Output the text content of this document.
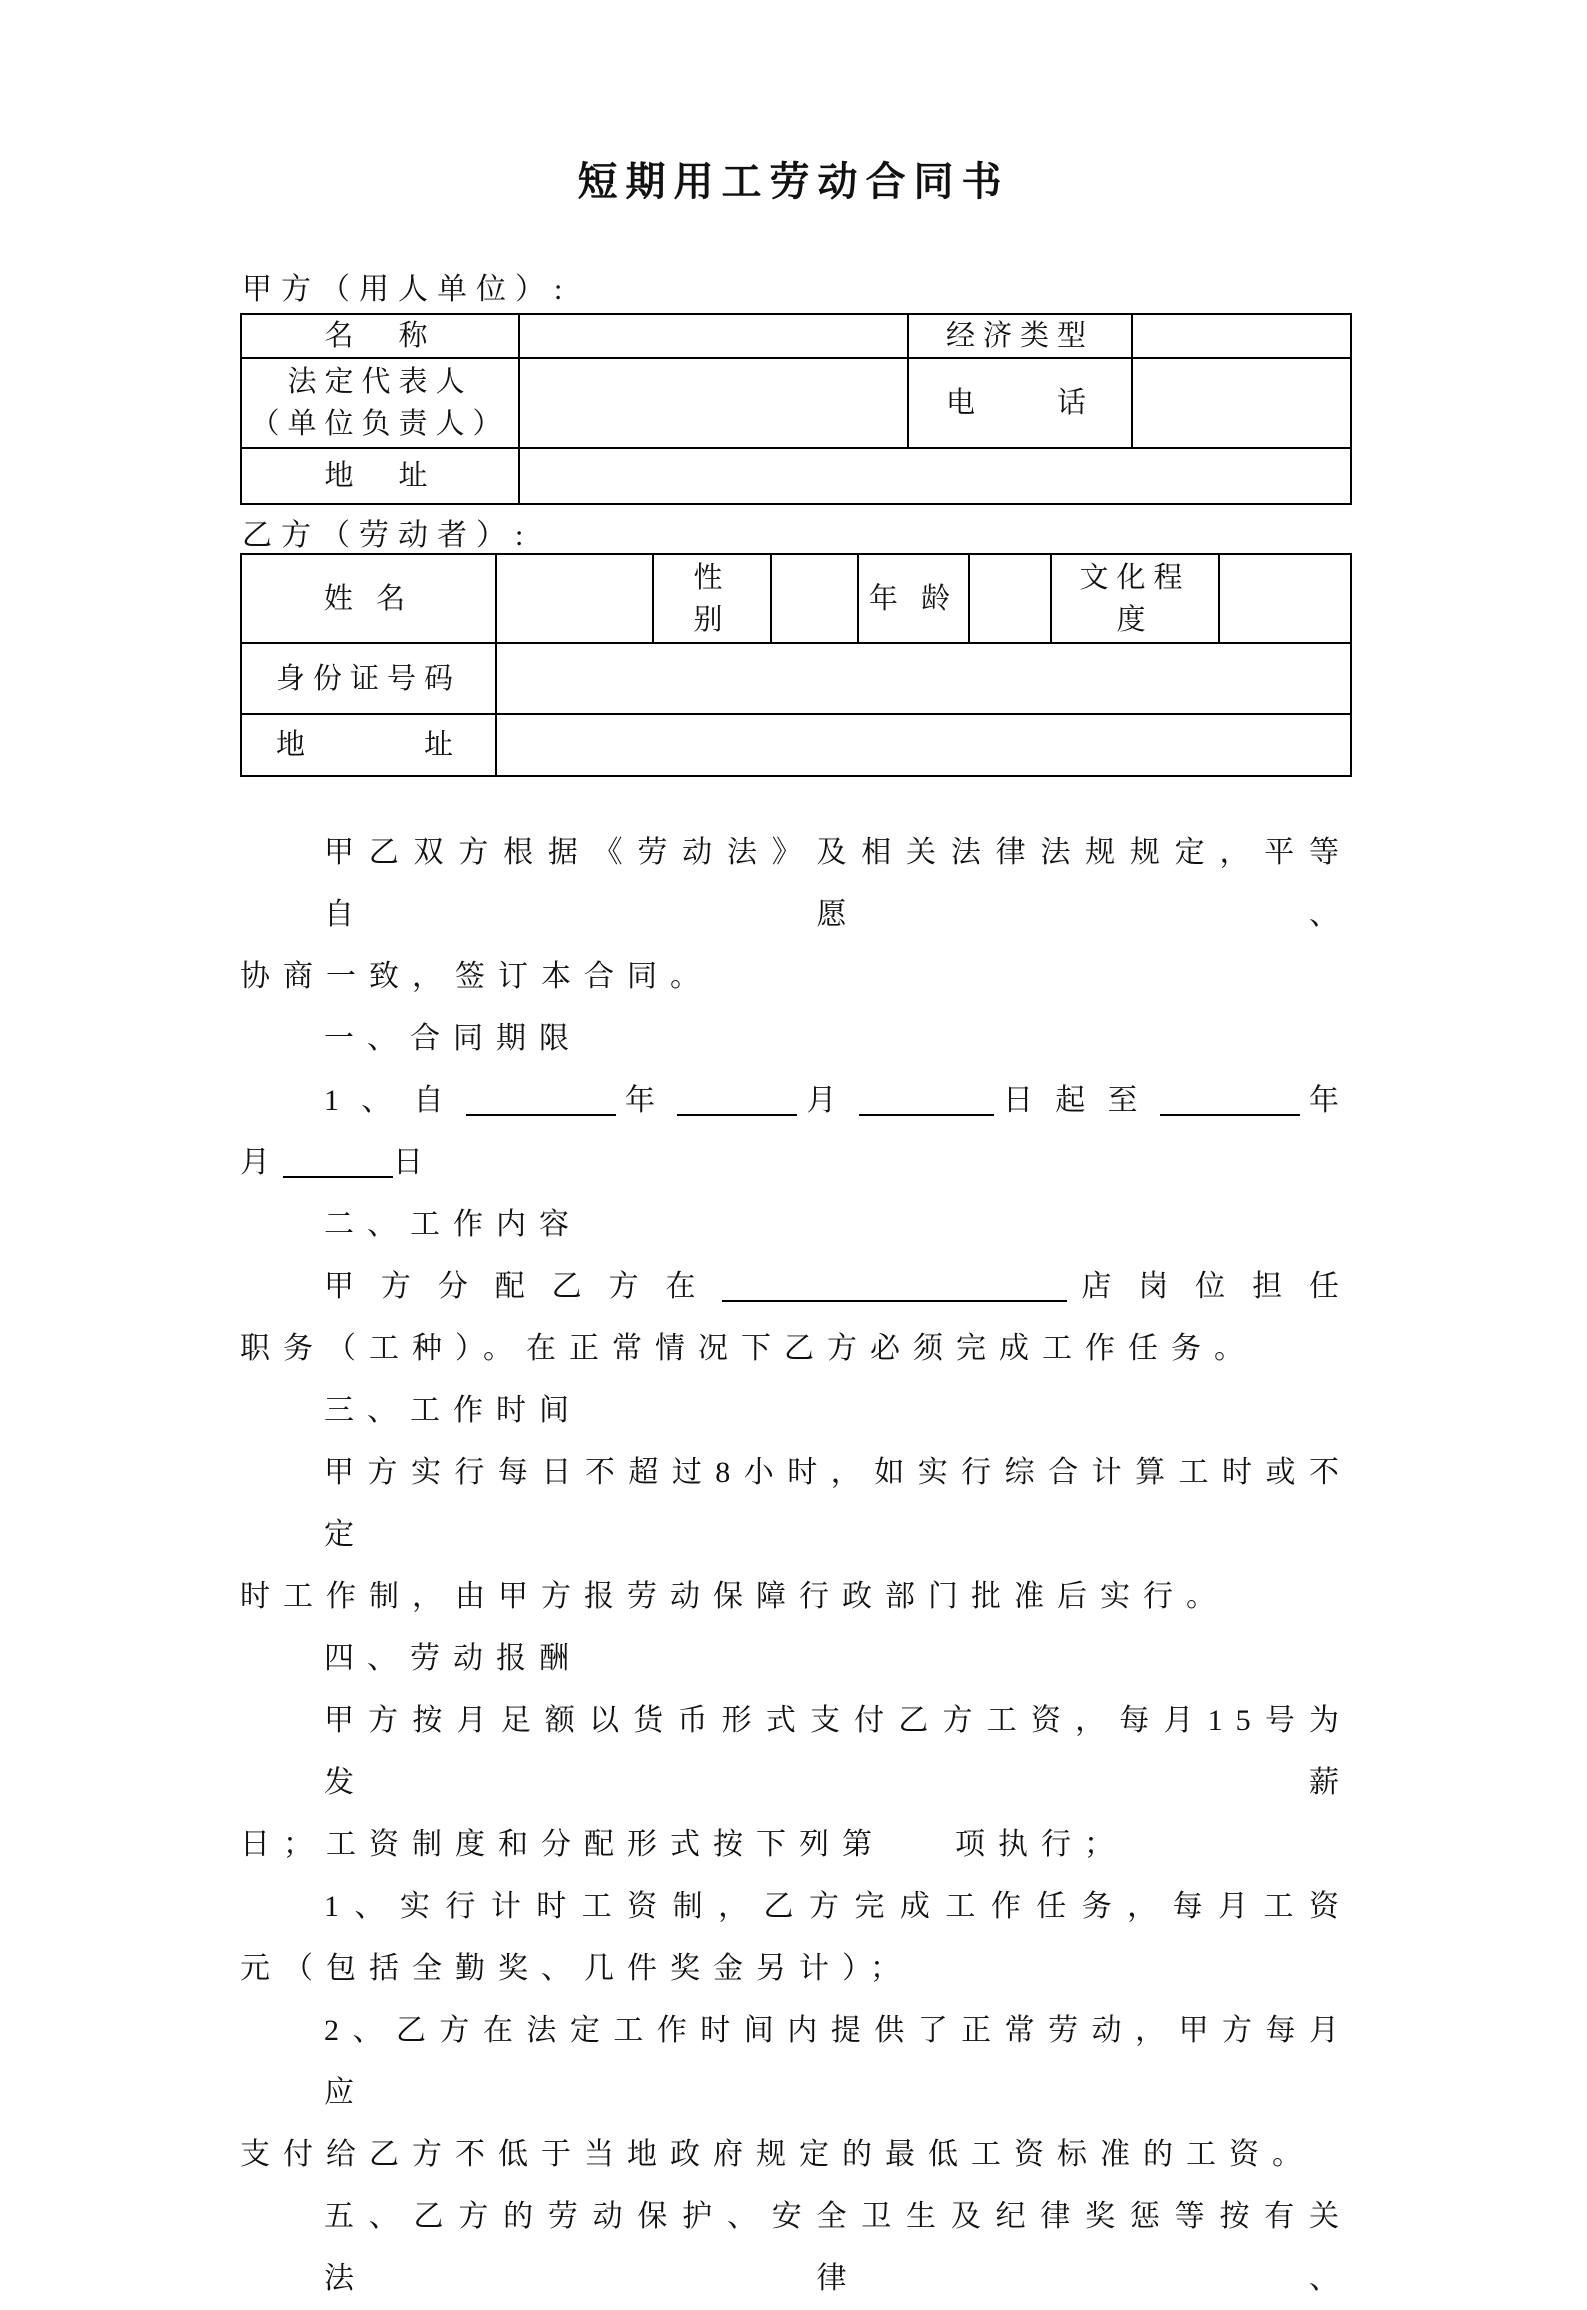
短期用工劳动合同书
甲方（用人单位）:
名　称		经济类型	
法定代表人
（单位负责人）		电　　话	
地　址			
乙方（劳动者）:
姓 名		性
别		年 龄		文化程
度	
身份证号码							
地　　　址							
甲乙双方根据《劳动法》及相关法律法规规定，平等自愿、
协商一致，签订本合同。
一、合同期限
1、自	年	月	日起至	年
月	日
二、工作内容
甲方分配乙方在	店岗位担任
职务（工种）。在正常情况下乙方必须完成工作任务。
三、工作时间
甲方实行每日不超过8小时，如实行综合计算工时或不定
时工作制，由甲方报劳动保障行政部门批准后实行。
四、劳动报酬
甲方按月足额以货币形式支付乙方工资，每月15号为发薪
日；工资制度和分配形式按下列第 项执行；
1、实行计时工资制，乙方完成工作任务，每月工资
元（包括全勤奖、几件奖金另计）；
2、乙方在法定工作时间内提供了正常劳动，甲方每月应
支付给乙方不低于当地政府规定的最低工资标准的工资。
五、乙方的劳动保护、安全卫生及纪律奖惩等按有关法律、
